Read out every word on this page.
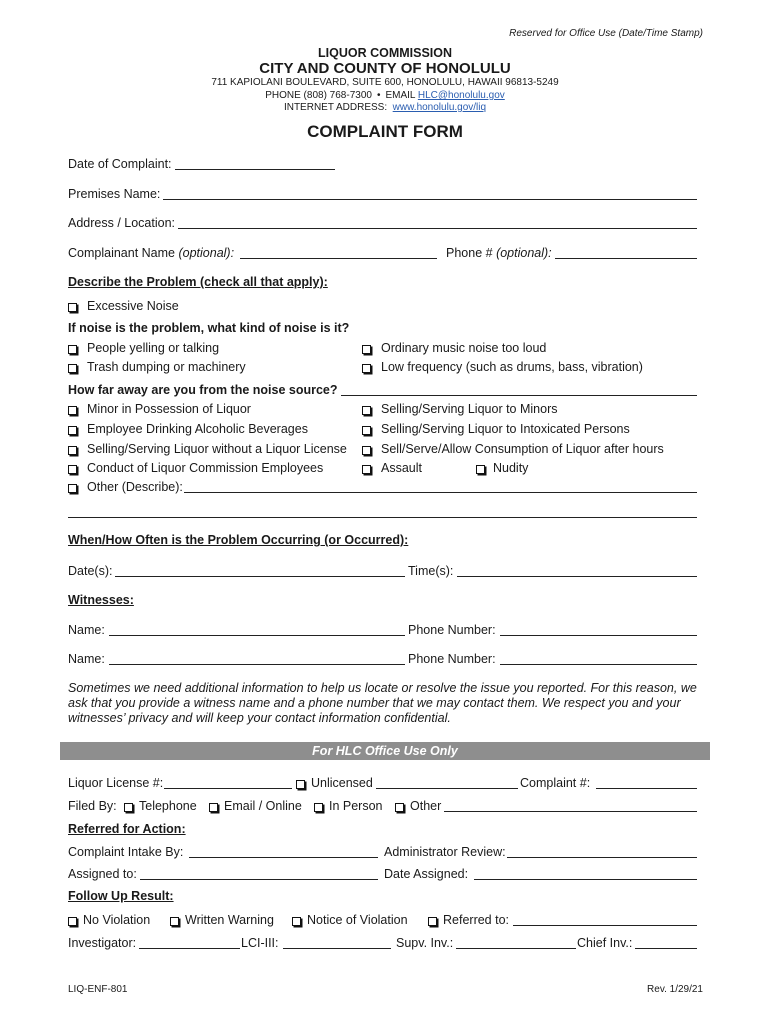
Reserved for Office Use (Date/Time Stamp)
LIQUOR COMMISSION
CITY AND COUNTY OF HONOLULU
711 KAPIOLANI BOULEVARD, SUITE 600, HONOLULU, HAWAII 96813-5249
PHONE (808) 768-7300 • EMAIL HLC@honolulu.gov
INTERNET ADDRESS: www.honolulu.gov/liq
COMPLAINT FORM
Date of Complaint:
Premises Name:
Address / Location:
Complainant Name (optional):	Phone # (optional):
Describe the Problem (check all that apply):
Excessive Noise
If noise is the problem, what kind of noise is it?
People yelling or talking	Ordinary music noise too loud
Trash dumping or machinery	Low frequency (such as drums, bass, vibration)
How far away are you from the noise source?
Minor in Possession of Liquor	Selling/Serving Liquor to Minors
Employee Drinking Alcoholic Beverages	Selling/Serving Liquor to Intoxicated Persons
Selling/Serving Liquor without a Liquor License	Sell/Serve/Allow Consumption of Liquor after hours
Conduct of Liquor Commission Employees	Assault	Nudity
Other (Describe):
When/How Often is the Problem Occurring (or Occurred):
Date(s):	Time(s):
Witnesses:
Name:	Phone Number:
Name:	Phone Number:
Sometimes we need additional information to help us locate or resolve the issue you reported. For this reason, we
ask that you provide a witness name and a phone number that we may contact them. We respect you and your
witnesses’ privacy and will keep your contact information confidential.
For HLC Office Use Only
Liquor License #:	Unlicensed	Complaint #:
Filed By: Telephone Email / Online In Person Other
Referred for Action:
Complaint Intake By:	Administrator Review:
Assigned to:	Date Assigned:
Follow Up Result:
No Violation	Written Warning	Notice of Violation	Referred to:
Investigator:	LCI-III:	Supv. Inv.:	Chief Inv.:
LIQ-ENF-801	Rev. 1/29/21
